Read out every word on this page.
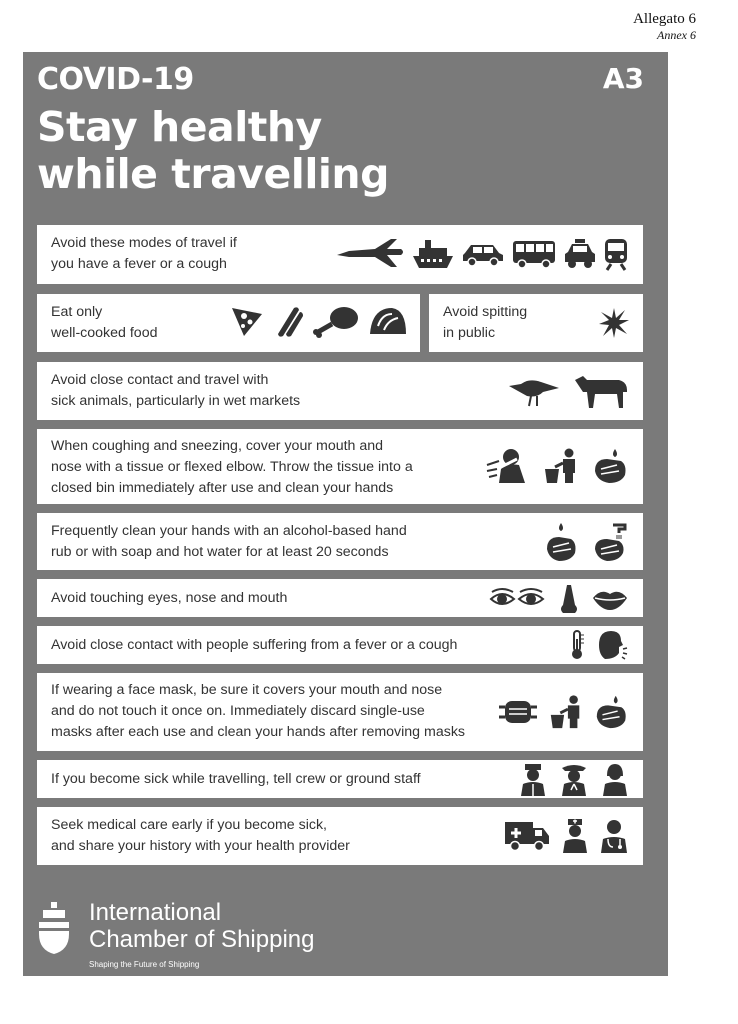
Allegato 6
Annex 6
COVID-19	A3
Stay healthy
while travelling
Avoid these modes of travel if
you have a fever or a cough
Eat only
well-cooked food
Avoid spitting
in public
Avoid close contact and travel with
sick animals, particularly in wet markets
When coughing and sneezing, cover your mouth and
nose with a tissue or flexed elbow. Throw the tissue into a
closed bin immediately after use and clean your hands
Frequently clean your hands with an alcohol-based hand
rub or with soap and hot water for at least 20 seconds
Avoid touching eyes, nose and mouth
Avoid close contact with people suffering from a fever or a cough
If wearing a face mask, be sure it covers your mouth and nose
and do not touch it once on. Immediately discard single-use
masks after each use and clean your hands after removing masks
If you become sick while travelling, tell crew or ground staff
Seek medical care early if you become sick,
and share your history with your health provider
International
Chamber of Shipping
Shaping the Future of Shipping
